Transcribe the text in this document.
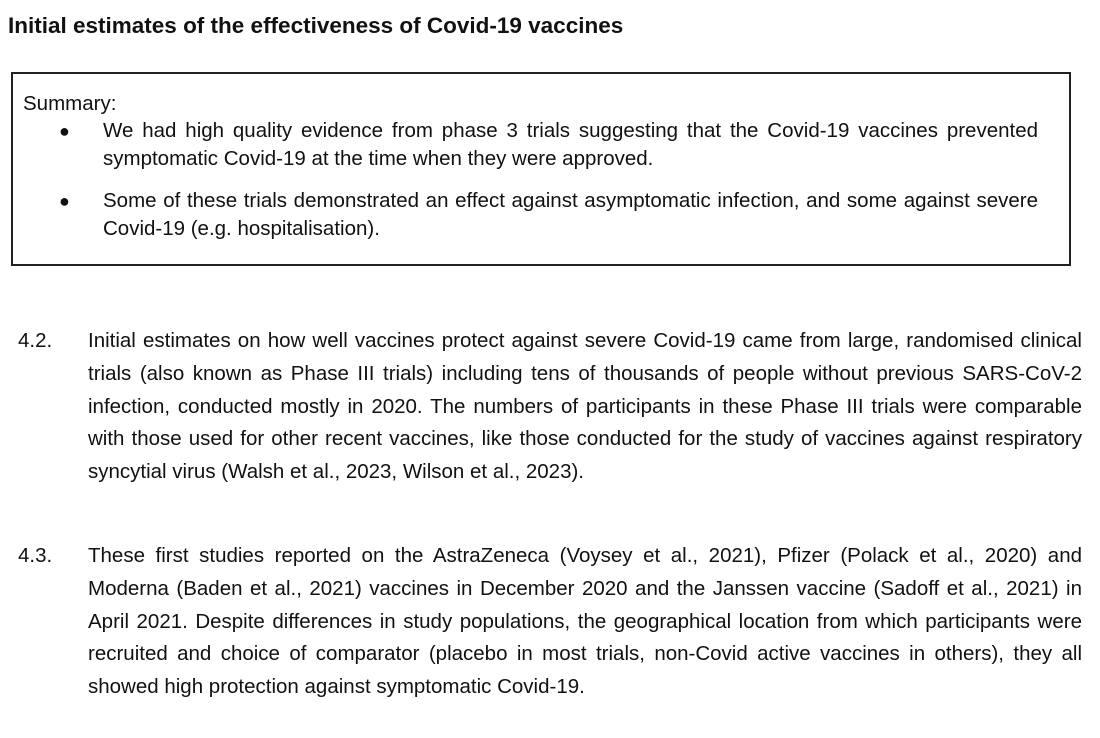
Initial estimates of the effectiveness of Covid-19 vaccines
Summary:
● We had high quality evidence from phase 3 trials suggesting that the Covid-19 vaccines prevented symptomatic Covid-19 at the time when they were approved.
● Some of these trials demonstrated an effect against asymptomatic infection, and some against severe Covid-19 (e.g. hospitalisation).
4.2. Initial estimates on how well vaccines protect against severe Covid-19 came from large, randomised clinical trials (also known as Phase III trials) including tens of thousands of people without previous SARS-CoV-2 infection, conducted mostly in 2020. The numbers of participants in these Phase III trials were comparable with those used for other recent vaccines, like those conducted for the study of vaccines against respiratory syncytial virus (Walsh et al., 2023, Wilson et al., 2023).

4.3. These first studies reported on the AstraZeneca (Voysey et al., 2021), Pfizer (Polack et al., 2020) and Moderna (Baden et al., 2021) vaccines in December 2020 and the Janssen vaccine (Sadoff et al., 2021) in April 2021. Despite differences in study populations, the geographical location from which participants were recruited and choice of comparator (placebo in most trials, non-Covid active vaccines in others), they all showed high protection against symptomatic Covid-19.
